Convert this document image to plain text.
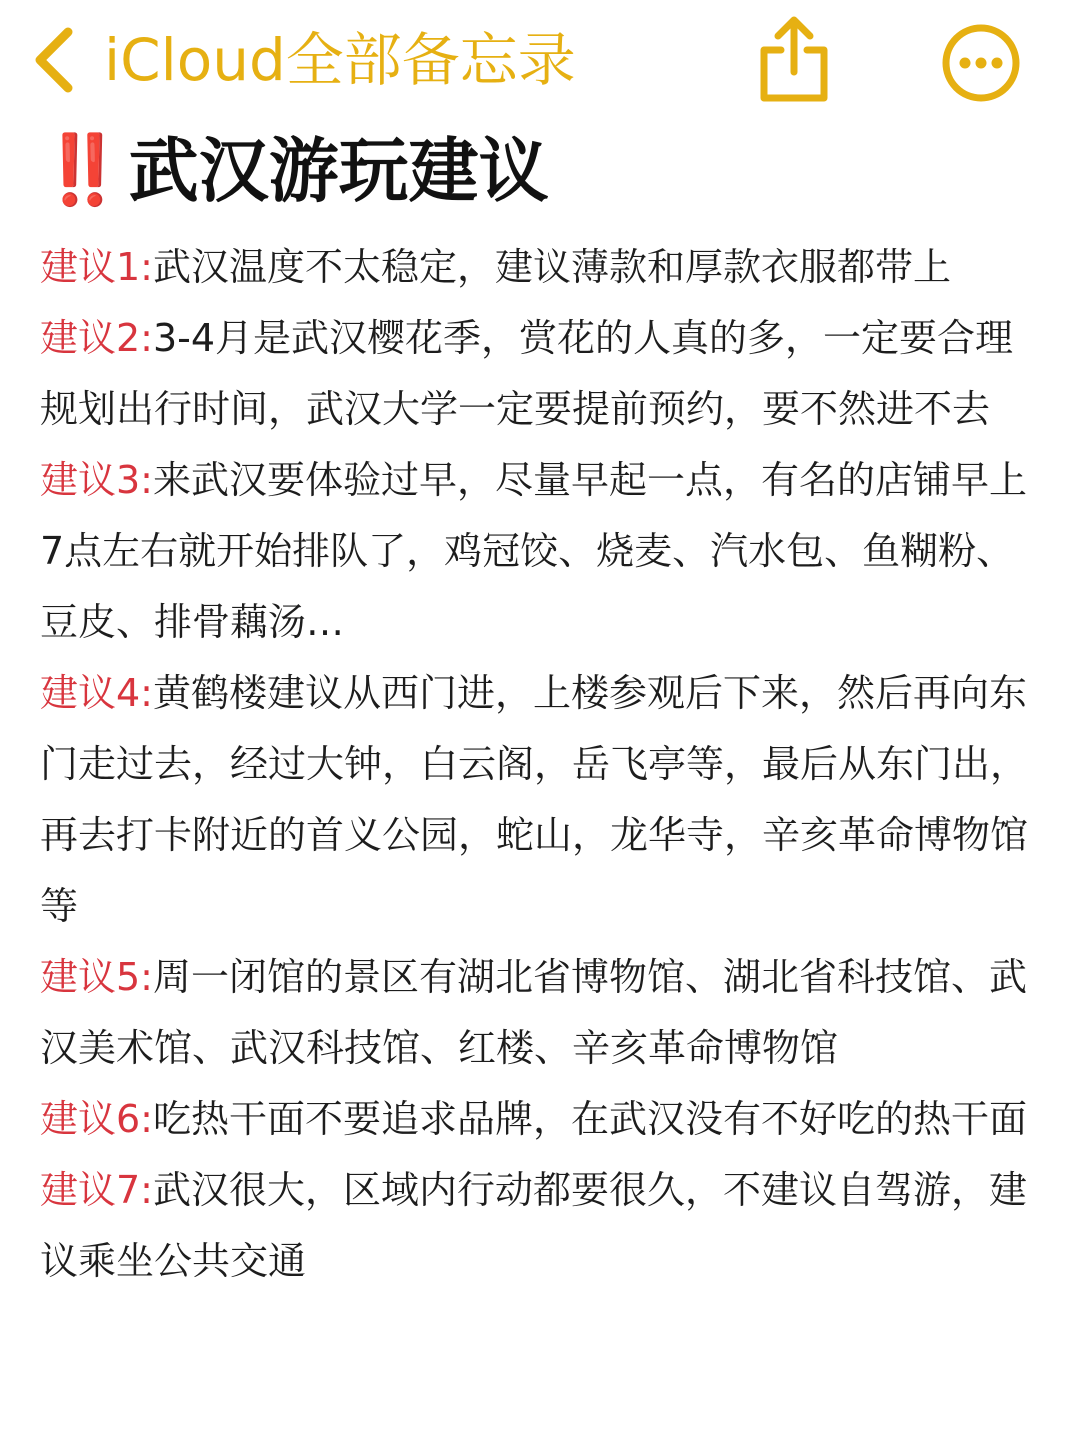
iCloud全部备忘录
‼️ 武汉游玩建议
建议1:武汉温度不太稳定，建议薄款和厚款衣服都带上
建议2:3-4月是武汉樱花季，赏花的人真的多，一定要合理规划出行时间，武汉大学一定要提前预约，要不然进不去
建议3:来武汉要体验过早，尽量早起一点，有名的店铺早上7点左右就开始排队了，鸡冠饺、烧麦、汽水包、鱼糊粉、豆皮、排骨藕汤…
建议4:黄鹤楼建议从西门进，上楼参观后下来，然后再向东门走过去，经过大钟，白云阁，岳飞亭等，最后从东门出，再去打卡附近的首义公园，蛇山，龙华寺，辛亥革命博物馆等
建议5:周一闭馆的景区有湖北省博物馆、湖北省科技馆、武汉美术馆、武汉科技馆、红楼、辛亥革命博物馆
建议6:吃热干面不要追求品牌，在武汉没有不好吃的热干面
建议7:武汉很大，区域内行动都要很久，不建议自驾游，建议乘坐公共交通
